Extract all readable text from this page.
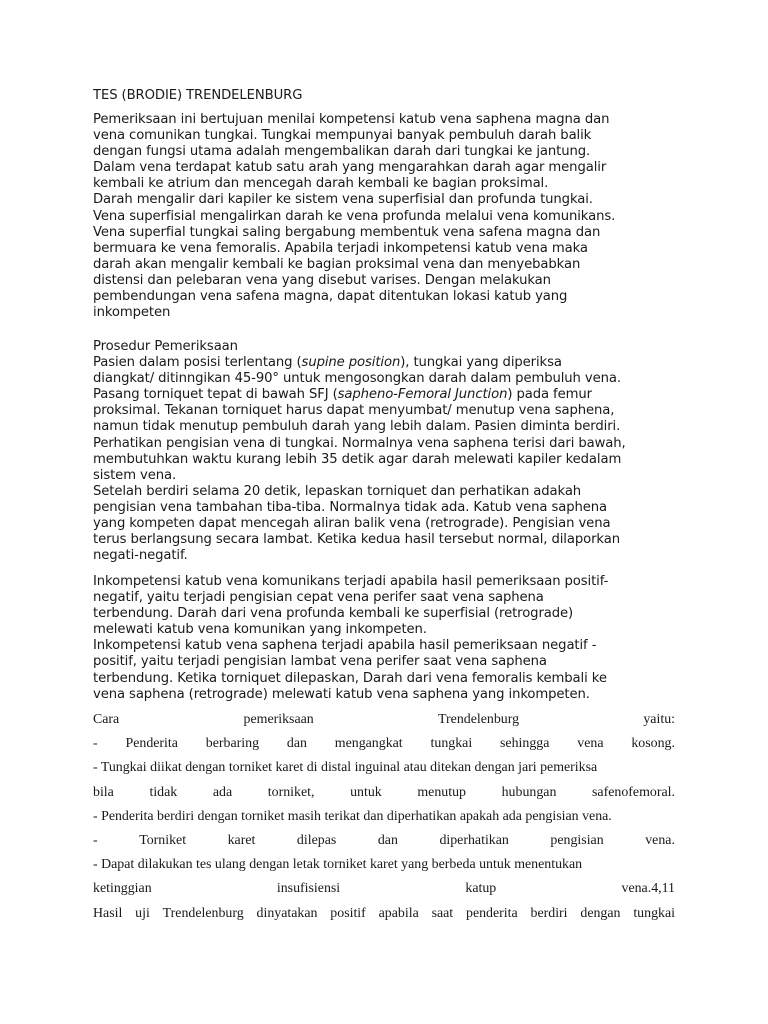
TES (BRODIE) TRENDELENBURG

Pemeriksaan ini bertujuan menilai kompetensi katub vena saphena magna dan

vena comunikan tungkai. Tungkai mempunyai banyak pembuluh darah balik

dengan fungsi utama adalah mengembalikan darah dari tungkai ke jantung.

Dalam vena terdapat katub satu arah yang mengarahkan darah agar mengalir

kembali ke atrium dan mencegah darah kembali ke bagian proksimal.

Darah mengalir dari kapiler ke sistem vena superfisial dan profunda tungkai.

Vena superfisial mengalirkan darah ke vena profunda melalui vena komunikans.

Vena superfial tungkai saling bergabung membentuk vena safena magna dan

bermuara ke vena femoralis. Apabila terjadi inkompetensi katub vena maka

darah akan mengalir kembali ke bagian proksimal vena dan menyebabkan

distensi dan pelebaran vena yang disebut varises. Dengan melakukan

pembendungan vena safena magna, dapat ditentukan lokasi katub yang

inkompeten

Prosedur Pemeriksaan

Pasien dalam posisi terlentang (supine position), tungkai yang diperiksa

diangkat/ ditinngikan 45-90° untuk mengosongkan darah dalam pembuluh vena.

Pasang torniquet tepat di bawah SFJ (sapheno-Femoral Junction) pada femur

proksimal. Tekanan torniquet harus dapat menyumbat/ menutup vena saphena,

namun tidak menutup pembuluh darah yang lebih dalam. Pasien diminta berdiri.

Perhatikan pengisian vena di tungkai. Normalnya vena saphena terisi dari bawah,

membutuhkan waktu kurang lebih 35 detik agar darah melewati kapiler kedalam

sistem vena.

Setelah berdiri selama 20 detik, lepaskan torniquet dan perhatikan adakah

pengisian vena tambahan tiba-tiba. Normalnya tidak ada. Katub vena saphena

yang kompeten dapat mencegah aliran balik vena (retrograde). Pengisian vena

terus berlangsung secara lambat. Ketika kedua hasil tersebut normal, dilaporkan

negati-negatif.

Inkompetensi katub vena komunikans terjadi apabila hasil pemeriksaan positif-

negatif, yaitu terjadi pengisian cepat vena perifer saat vena saphena

terbendung. Darah dari vena profunda kembali ke superfisial (retrograde)

melewati katub vena komunikan yang inkompeten.

Inkompetensi katub vena saphena terjadi apabila hasil pemeriksaan negatif -

positif, yaitu terjadi pengisian lambat vena perifer saat vena saphena

terbendung. Ketika torniquet dilepaskan, Darah dari vena femoralis kembali ke

vena saphena (retrograde) melewati katub vena saphena yang inkompeten.

Cara	pemeriksaan	Trendelenburg	yaitu:
- Penderita berbaring dan mengangkat tungkai sehingga vena kosong.
- Tungkai diikat dengan torniket karet di distal inguinal atau ditekan dengan jari pemeriksa
bila	tidak	ada	torniket,	untuk	menutup	hubungan	safenofemoral.
- Penderita berdiri dengan torniket masih terikat dan diperhatikan apakah ada pengisian vena.
-	Torniket	karet	dilepas	dan	diperhatikan	pengisian	vena.
- Dapat dilakukan tes ulang dengan letak torniket karet yang berbeda untuk menentukan
ketinggian	insufisiensi	katup	vena.4,11
Hasil uji Trendelenburg dinyatakan positif apabila saat penderita berdiri dengan tungkai
